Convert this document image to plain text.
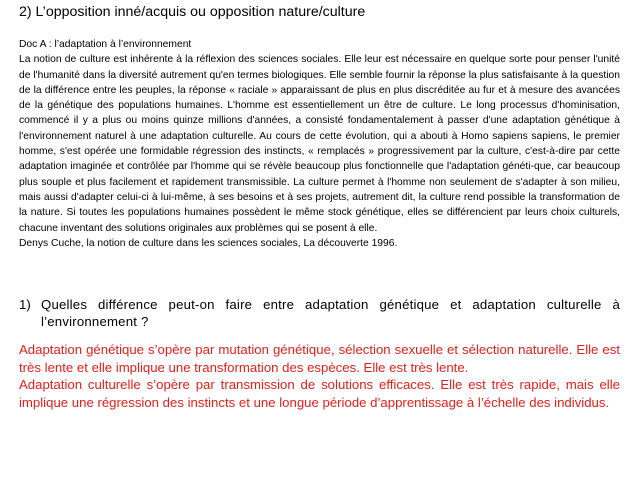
2) L’opposition inné/acquis ou opposition nature/culture

Doc A : l’adaptation à l’environnement

La notion de culture est inhérente à la réflexion des sciences sociales. Elle leur est nécessaire en quelque sorte pour penser l'unité de l'humanité dans la diversité autrement qu'en termes biologiques. Elle semble fournir la réponse la plus satisfaisante à la question de la différence entre les peuples, la réponse « raciale » apparaissant de plus en plus discréditée au fur et à mesure des avancées de la génétique des populations humaines. L'homme est essentiellement un être de culture. Le long processus d'hominisation, commencé il y a plus ou moins quinze millions d'années, a consisté fondamentalement à passer d'une adaptation génétique à l'environnement naturel à une adaptation culturelle. Au cours de cette évolution, qui a abouti à Homo sapiens sapiens, le premier homme, s'est opérée une formidable régression des instincts, « remplacés » progressivement par la culture, c'est-à-dire par cette adaptation imaginée et contrôlée par l'homme qui se révèle beaucoup plus fonctionnelle que l'adaptation généti-que, car beaucoup plus souple et plus facilement et rapidement transmissible. La culture permet à l'homme non seulement de s'adapter à son milieu, mais aussi d'adapter celui-ci à lui-même, à ses besoins et à ses projets, autrement dit, la culture rend possible la transformation de la nature. Si toutes les populations humaines possèdent le même stock génétique, elles se différencient par leurs choix culturels, chacune inventant des solutions originales aux problèmes qui se posent à elle.

Denys Cuche, la notion de culture dans les sciences sociales, La découverte 1996.

1) Quelles différence peut-on faire entre adaptation génétique et adaptation culturelle à l’environnement ?

Adaptation génétique s’opère par mutation génétique, sélection sexuelle et sélection naturelle. Elle est très lente et elle implique une transformation des espèces. Elle est très lente.

Adaptation culturelle s’opère par transmission de solutions efficaces. Elle est très rapide, mais elle implique une régression des instincts et une longue période d’apprentissage à l’échelle des individus.
